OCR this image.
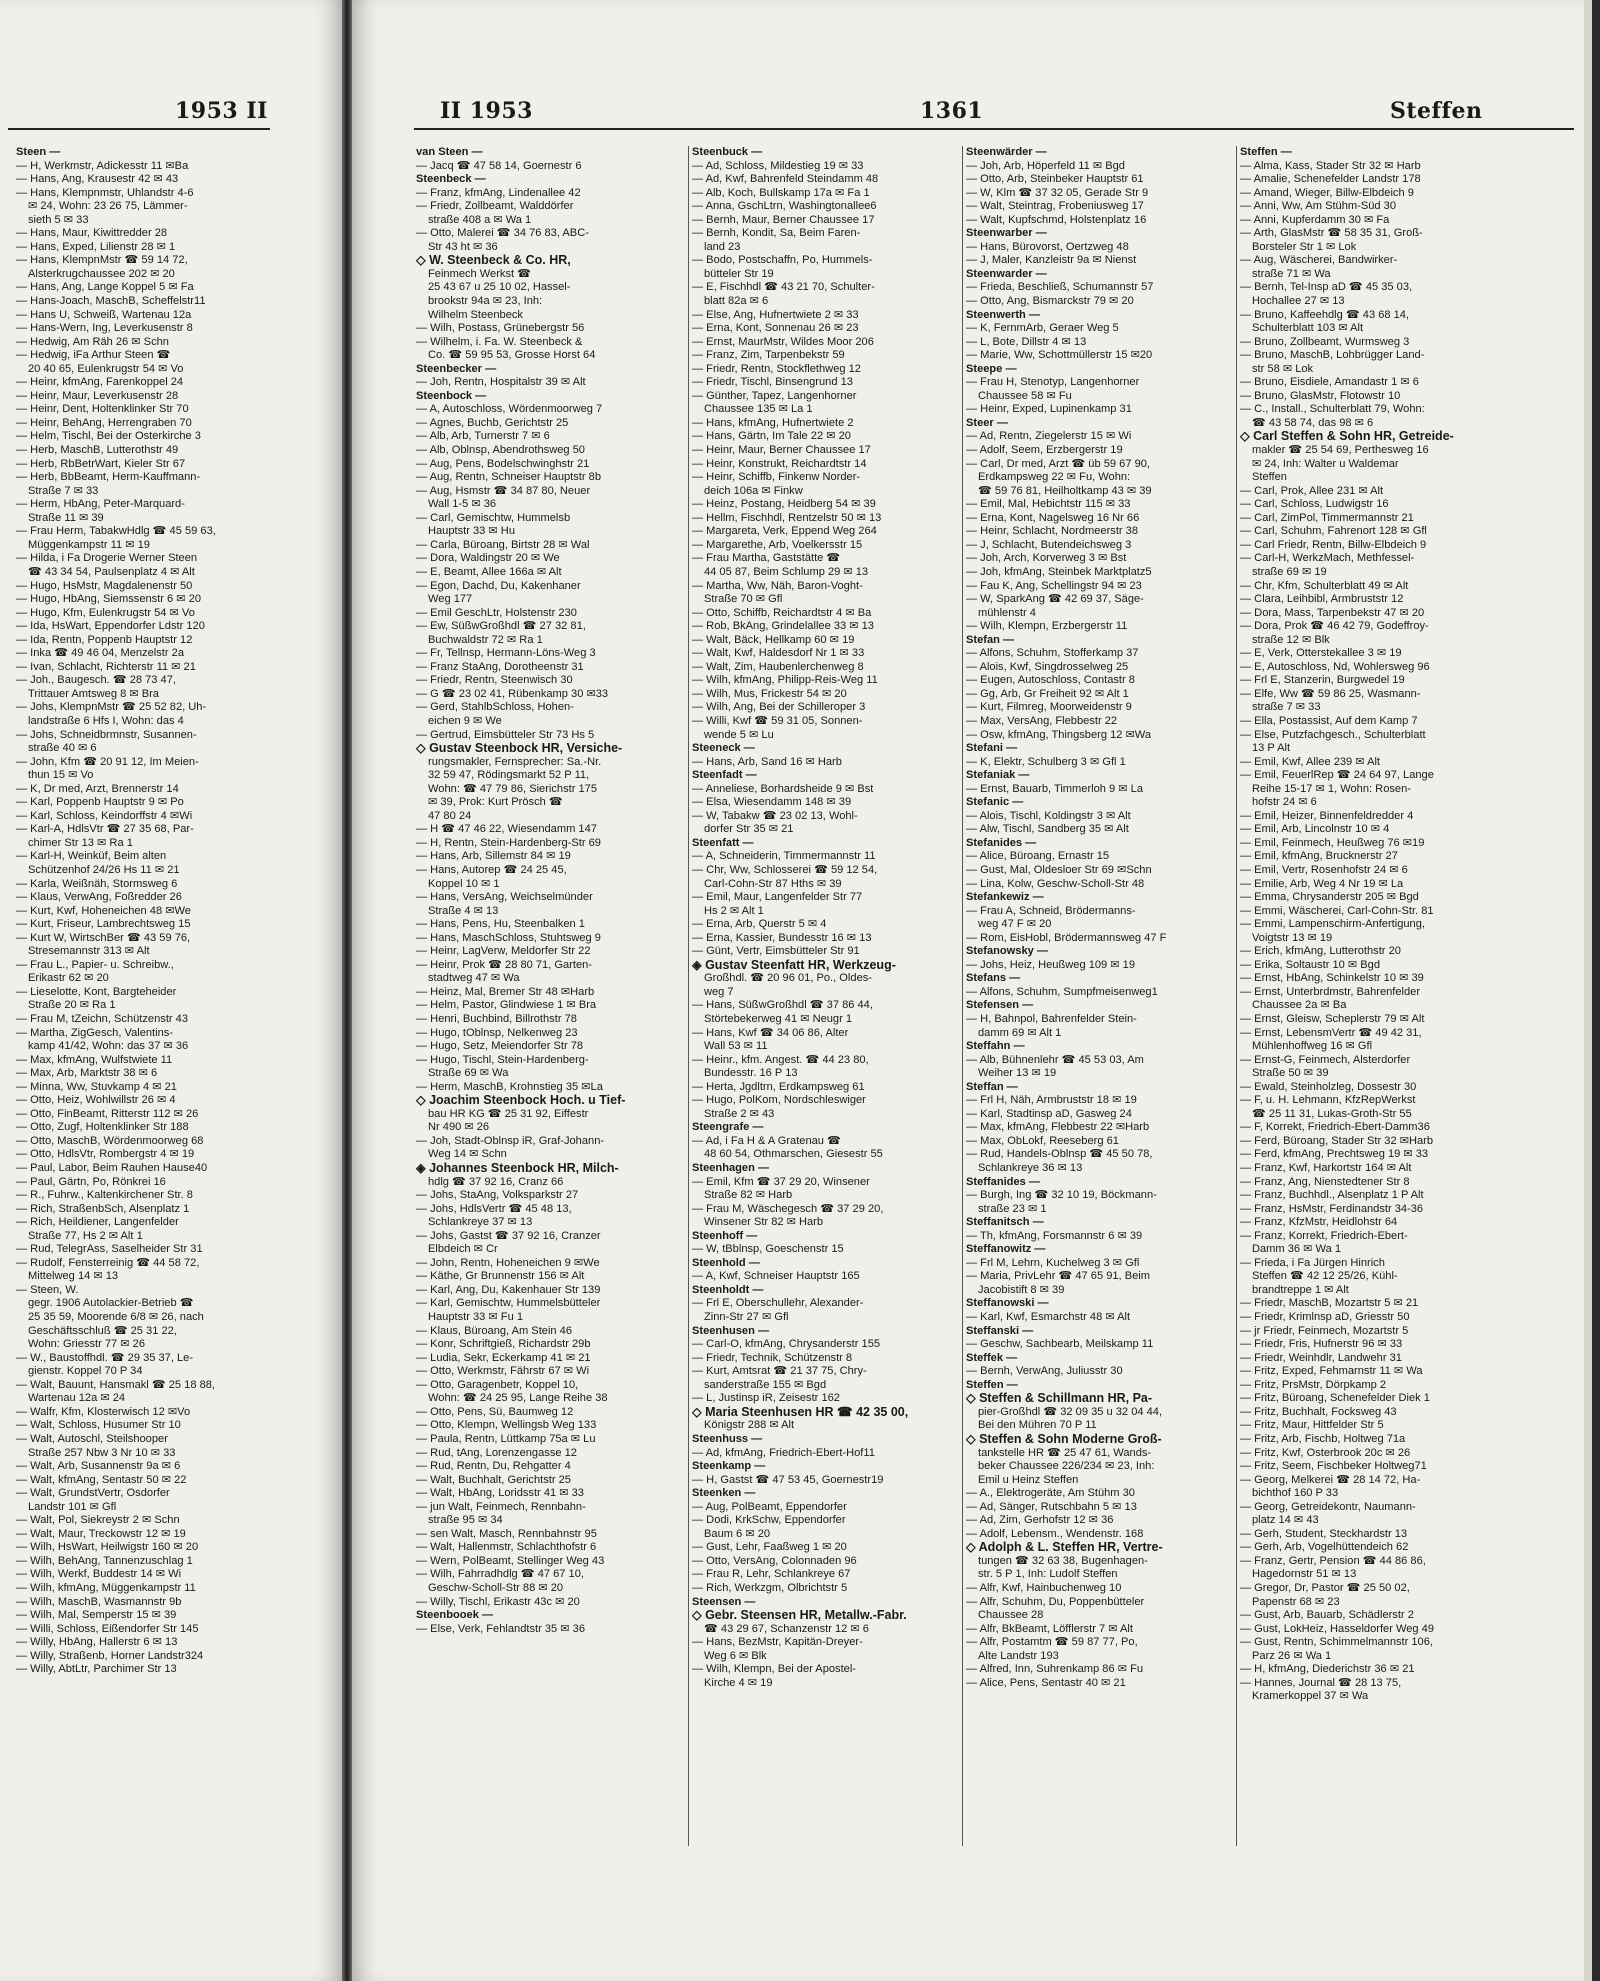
1953 II
Steen —
— H, Werkmstr, Adickesstr 11 ✉Ba
— Hans, Ang, Krausestr 42 ✉ 43
— Hans, Klempnmstr, Uhlandstr 4-6
✉ 24, Wohn: 23 26 75, Lämmer-
sieth 5 ✉ 33
— Hans, Maur, Kiwittredder 28
— Hans, Exped, Lilienstr 28 ✉ 1
— Hans, KlempnMstr ☎ 59 14 72,
Alsterkrugchaussee 202 ✉ 20
— Hans, Ang, Lange Koppel 5 ✉ Fa
— Hans-Joach, MaschB, Scheffelstr11
— Hans U, Schweiß, Wartenau 12a
— Hans-Wern, Ing, Leverkusenstr 8
— Hedwig, Am Räh 26 ✉ Schn
— Hedwig, iFa Arthur Steen ☎
20 40 65, Eulenkrugstr 54 ✉ Vo
— Heinr, kfmAng, Farenkoppel 24
— Heinr, Maur, Leverkusenstr 28
— Heinr, Dent, Holtenklinker Str 70
— Heinr, BehAng, Herrengraben 70
— Helm, Tischl, Bei der Osterkirche 3
— Herb, MaschB, Lutterothstr 49
— Herb, RbBetrWart, Kieler Str 67
— Herb, BbBeamt, Herm-Kauffmann-
Straße 7 ✉ 33
— Herm, HbAng, Peter-Marquard-
Straße 11 ✉ 39
— Frau Herm, TabakwHdlg ☎ 45 59 63,
Müggenkampstr 11 ✉ 19
— Hilda, i Fa Drogerie Werner Steen
☎ 43 34 54, Paulsenplatz 4 ✉ Alt
— Hugo, HsMstr, Magdalenenstr 50
— Hugo, HbAng, Siemssenstr 6 ✉ 20
— Hugo, Kfm, Eulenkrugstr 54 ✉ Vo
— Ida, HsWart, Eppendorfer Ldstr 120
— Ida, Rentn, Poppenb Hauptstr 12
— Inka ☎ 49 46 04, Menzelstr 2a
— Ivan, Schlacht, Richterstr 11 ✉ 21
— Joh., Baugesch. ☎ 28 73 47,
Trittauer Amtsweg 8 ✉ Bra
— Johs, KlempnMstr ☎ 25 52 82, Uh-
landstraße 6 Hfs I, Wohn: das 4
— Johs, Schneidbrmnstr, Susannen-
straße 40 ✉ 6
— John, Kfm ☎ 20 91 12, Im Meien-
thun 15 ✉ Vo
— K, Dr med, Arzt, Brennerstr 14
— Karl, Poppenb Hauptstr 9 ✉ Po
— Karl, Schloss, Keindorffstr 4 ✉Wi
— Karl-A, HdlsVtr ☎ 27 35 68, Par-
chimer Str 13 ✉ Ra 1
— Karl-H, Weinküf, Beim alten
Schützenhof 24/26 Hs 11 ✉ 21
— Karla, Weißnäh, Stormsweg 6
— Klaus, VerwAng, Foßredder 26
— Kurt, Kwf, Hoheneichen 48 ✉We
— Kurt, Friseur, Lambrechtsweg 15
— Kurt W, WirtschBer ☎ 43 59 76,
Stresemannstr 313 ✉ Alt
— Frau L., Papier- u. Schreibw.,
Erikastr 62 ✉ 20
— Lieselotte, Kont, Bargteheider
Straße 20 ✉ Ra 1
— Frau M, tZeichn, Schützenstr 43
— Martha, ZigGesch, Valentins-
kamp 41/42, Wohn: das 37 ✉ 36
— Max, kfmAng, Wulfstwiete 11
— Max, Arb, Marktstr 38 ✉ 6
— Minna, Ww, Stuvkamp 4 ✉ 21
— Otto, Heiz, Wohlwillstr 26 ✉ 4
— Otto, FinBeamt, Ritterstr 112 ✉ 26
— Otto, Zugf, Holtenklinker Str 188
— Otto, MaschB, Wördenmoorweg 68
— Otto, HdlsVtr, Rombergstr 4 ✉ 19
— Paul, Labor, Beim Rauhen Hause40
— Paul, Gärtn, Po, Rönkrei 16
— R., Fuhrw., Kaltenkirchener Str. 8
— Rich, StraßenbSch, Alsenplatz 1
— Rich, Heildiener, Langenfelder
Straße 77, Hs 2 ✉ Alt 1
— Rud, TelegrAss, Saselheider Str 31
— Rudolf, Fensterreinig ☎ 44 58 72,
Mittelweg 14 ✉ 13
— Steen, W.
gegr. 1906 Autolackier-Betrieb ☎
25 35 59, Moorende 6/8 ✉ 26, nach
Geschäftsschluß ☎ 25 31 22,
Wohn: Griesstr 77 ✉ 26
— W., Baustoffhdl. ☎ 29 35 37, Le-
gienstr. Koppel 70 P 34
— Walt, Bauunt, Hansmakl ☎ 25 18 88,
Wartenau 12a ✉ 24
— Walfr, Kfm, Klosterwisch 12 ✉Vo
— Walt, Schloss, Husumer Str 10
— Walt, Autoschl, Steilshooper
Straße 257 Nbw 3 Nr 10 ✉ 33
— Walt, Arb, Susannenstr 9a ✉ 6
— Walt, kfmAng, Sentastr 50 ✉ 22
— Walt, GrundstVertr, Osdorfer
Landstr 101 ✉ Gfl
— Walt, Pol, Siekreystr 2 ✉ Schn
— Walt, Maur, Treckowstr 12 ✉ 19
— Wilh, HsWart, Heilwigstr 160 ✉ 20
— Wilh, BehAng, Tannenzuschlag 1
— Wilh, Werkf, Buddestr 14 ✉ Wi
— Wilh, kfmAng, Müggenkampstr 11
— Wilh, MaschB, Wasmannstr 9b
— Wilh, Mal, Semperstr 15 ✉ 39
— Willi, Schloss, Eißendorfer Str 145
— Willy, HbAng, Hallerstr 6 ✉ 13
— Willy, Straßenb, Horner Landstr324
— Willy, AbtLtr, Parchimer Str 13
II 1953	1361	Steffen
van Steen —
— Jacq ☎ 47 58 14, Goernestr 6
Steenbeck —
— Franz, kfmAng, Lindenallee 42
— Friedr, Zollbeamt, Walddörfer
straße 408 a ✉ Wa 1
— Otto, Malerei ☎ 34 76 83, ABC-
Str 43 ht ✉ 36
◇ W. Steenbeck & Co. HR,
Feinmech Werkst ☎
25 43 67 u 25 10 02, Hassel-
brookstr 94a ✉ 23, Inh:
Wilhelm Steenbeck
— Wilh, Postass, Grünebergstr 56
— Wilhelm, i. Fa. W. Steenbeck &
Co. ☎ 59 95 53, Grosse Horst 64
Steenbecker —
— Joh, Rentn, Hospitalstr 39 ✉ Alt
Steenbock —
— A, Autoschloss, Wördenmoorweg 7
— Agnes, Buchb, Gerichtstr 25
— Alb, Arb, Turnerstr 7 ✉ 6
— Alb, Oblnsp, Abendrothsweg 50
— Aug, Pens, Bodelschwinghstr 21
— Aug, Rentn, Schneiser Hauptstr 8b
— Aug, Hsmstr ☎ 34 87 80, Neuer
Wall 1-5 ✉ 36
— Carl, Gemischtw, Hummelsb
Hauptstr 33 ✉ Hu
— Carla, Büroang, Birtstr 28 ✉ Wal
— Dora, Waldingstr 20 ✉ We
— E, Beamt, Allee 166a ✉ Alt
— Egon, Dachd, Du, Kakenhaner
Weg 177
— Emil GeschLtr, Holstenstr 230
— Ew, SüßwGroßhdl ☎ 27 32 81,
Buchwaldstr 72 ✉ Ra 1
— Fr, Tellnsp, Hermann-Löns-Weg 3
— Franz StaAng, Dorotheenstr 31
— Friedr, Rentn, Steenwisch 30
— G ☎ 23 02 41, Rübenkamp 30 ✉33
— Gerd, StahlbSchloss, Hohen-
eichen 9 ✉ We
— Gertrud, Eimsbütteler Str 73 Hs 5
◇ Gustav Steenbock HR, Versiche-
rungsmakler, Fernsprecher: Sa.-Nr.
32 59 47, Rödingsmarkt 52 P 11,
Wohn: ☎ 47 79 86, Sierichstr 175
✉ 39, Prok: Kurt Prösch ☎
47 80 24
— H ☎ 47 46 22, Wiesendamm 147
— H, Rentn, Stein-Hardenberg-Str 69
— Hans, Arb, Sillemstr 84 ✉ 19
— Hans, Autorep ☎ 24 25 45,
Koppel 10 ✉ 1
— Hans, VersAng, Weichselmünder
Straße 4 ✉ 13
— Hans, Pens, Hu, Steenbalken 1
— Hans, MaschSchloss, Stuhtsweg 9
— Heinr, LagVerw, Meldorfer Str 22
— Heinr, Prok ☎ 28 80 71, Garten-
stadtweg 47 ✉ Wa
— Heinz, Mal, Bremer Str 48 ✉Harb
— Helm, Pastor, Glindwiese 1 ✉ Bra
— Henri, Buchbind, Billrothstr 78
— Hugo, tOblnsp, Nelkenweg 23
— Hugo, Setz, Meiendorfer Str 78
— Hugo, Tischl, Stein-Hardenberg-
Straße 69 ✉ Wa
— Herm, MaschB, Krohnstieg 35 ✉La
◇ Joachim Steenbock Hoch. u Tief-
bau HR KG ☎ 25 31 92, Eiffestr
Nr 490 ✉ 26
— Joh, Stadt-Oblnsp iR, Graf-Johann-
Weg 14 ✉ Schn
◈ Johannes Steenbock HR, Milch-
hdlg ☎ 37 92 16, Cranz 66
— Johs, StaAng, Volksparkstr 27
— Johs, HdlsVertr ☎ 45 48 13,
Schlankreye 37 ✉ 13
— Johs, Gastst ☎ 37 92 16, Cranzer
Elbdeich ✉ Cr
— John, Rentn, Hoheneichen 9 ✉We
— Käthe, Gr Brunnenstr 156 ✉ Alt
— Karl, Ang, Du, Kakenhauer Str 139
— Karl, Gemischtw, Hummelsbütteler
Hauptstr 33 ✉ Fu 1
— Klaus, Büroang, Am Stein 46
— Konr, Schriftgieß, Richardstr 29b
— Ludia, Sekr, Eckerkamp 41 ✉ 21
— Otto, Werkmstr, Fährstr 67 ✉ Wi
— Otto, Garagenbetr, Koppel 10,
Wohn: ☎ 24 25 95, Lange Reihe 38
— Otto, Pens, Sü, Baumweg 12
— Otto, Klempn, Wellingsb Weg 133
— Paula, Rentn, Lüttkamp 75a ✉ Lu
— Rud, tAng, Lorenzengasse 12
— Rud, Rentn, Du, Rehgatter 4
— Walt, Buchhalt, Gerichtstr 25
— Walt, HbAng, Loridsstr 41 ✉ 33
— jun Walt, Feinmech, Rennbahn-
straße 95 ✉ 34
— sen Walt, Masch, Rennbahnstr 95
— Walt, Hallenmstr, Schlachthofstr 6
— Wern, PolBeamt, Stellinger Weg 43
— Wilh, Fahrradhdlg ☎ 47 67 10,
Geschw-Scholl-Str 88 ✉ 20
— Willy, Tischl, Erikastr 43c ✉ 20
Steenbooek —
— Else, Verk, Fehlandtstr 35 ✉ 36
Steenbuck —
— Ad, Schloss, Mildestieg 19 ✉ 33
— Ad, Kwf, Bahrenfeld Steindamm 48
— Alb, Koch, Bullskamp 17a ✉ Fa 1
— Anna, GschLtrn, Washingtonallee6
— Bernh, Maur, Berner Chaussee 17
— Bernh, Kondit, Sa, Beim Faren-
land 23
— Bodo, Postschaffn, Po, Hummels-
bütteler Str 19
— E, Fischhdl ☎ 43 21 70, Schulter-
blatt 82a ✉ 6
— Else, Ang, Hufnertwiete 2 ✉ 33
— Erna, Kont, Sonnenau 26 ✉ 23
— Ernst, MaurMstr, Wildes Moor 206
— Franz, Zim, Tarpenbekstr 59
— Friedr, Rentn, Stockflethweg 12
— Friedr, Tischl, Binsengrund 13
— Günther, Tapez, Langenhorner
Chaussee 135 ✉ La 1
— Hans, kfmAng, Hufnertwiete 2
— Hans, Gärtn, Im Tale 22 ✉ 20
— Heinr, Maur, Berner Chaussee 17
— Heinr, Konstrukt, Reichardtstr 14
— Heinr, Schiffb, Finkenw Norder-
deich 106a ✉ Finkw
— Heinz, Postang, Heidberg 54 ✉ 39
— Hellm, Fischhdl, Rentzelstr 50 ✉ 13
— Margareta, Verk, Eppend Weg 264
— Margarethe, Arb, Voelkersstr 15
— Frau Martha, Gaststätte ☎
44 05 87, Beim Schlump 29 ✉ 13
— Martha, Ww, Näh, Baron-Voght-
Straße 70 ✉ Gfl
— Otto, Schiffb, Reichardtstr 4 ✉ Ba
— Rob, BkAng, Grindelallee 33 ✉ 13
— Walt, Bäck, Hellkamp 60 ✉ 19
— Walt, Kwf, Haldesdorf Nr 1 ✉ 33
— Walt, Zim, Haubenlerchenweg 8
— Wilh, kfmAng, Philipp-Reis-Weg 11
— Wilh, Mus, Frickestr 54 ✉ 20
— Wilh, Ang, Bei der Schilleroper 3
— Willi, Kwf ☎ 59 31 05, Sonnen-
wende 5 ✉ Lu
Steeneck —
— Hans, Arb, Sand 16 ✉ Harb
Steenfadt —
— Anneliese, Borhardsheide 9 ✉ Bst
— Elsa, Wiesendamm 148 ✉ 39
— W, Tabakw ☎ 23 02 13, Wohl-
dorfer Str 35 ✉ 21
Steenfatt —
— A, Schneiderin, Timmermannstr 11
— Chr, Ww, Schlosserei ☎ 59 12 54,
Carl-Cohn-Str 87 Hths ✉ 39
— Emil, Maur, Langenfelder Str 77
Hs 2 ✉ Alt 1
— Erna, Arb, Querstr 5 ✉ 4
— Erna, Kassier, Bundesstr 16 ✉ 13
— Günt, Vertr, Eimsbütteler Str 91
◈ Gustav Steenfatt HR, Werkzeug-
Großhdl. ☎ 20 96 01, Po., Oldes-
weg 7
— Hans, SüßwGroßhdl ☎ 37 86 44,
Störtebekerweg 41 ✉ Neugr 1
— Hans, Kwf ☎ 34 06 86, Alter
Wall 53 ✉ 11
— Heinr., kfm. Angest. ☎ 44 23 80,
Bundesstr. 16 P 13
— Herta, Jgdltrn, Erdkampsweg 61
— Hugo, PolKom, Nordschleswiger
Straße 2 ✉ 43
Steengrafe —
— Ad, i Fa H & A Gratenau ☎
48 60 54, Othmarschen, Giesestr 55
Steenhagen —
— Emil, Kfm ☎ 37 29 20, Winsener
Straße 82 ✉ Harb
— Frau M, Wäschegesch ☎ 37 29 20,
Winsener Str 82 ✉ Harb
Steenhoff —
— W, tBblnsp, Goeschenstr 15
Steenhold —
— A, Kwf, Schneiser Hauptstr 165
Steenholdt —
— Frl E, Oberschullehr, Alexander-
Zinn-Str 27 ✉ Gfl
Steenhusen —
— Carl-O, kfmAng, Chrysanderstr 155
— Friedr, Technik, Schützenstr 8
— Kurt, Amtsrat ☎ 21 37 75, Chry-
sanderstraße 155 ✉ Bgd
— L, Justinsp iR, Zeisestr 162
◇ Maria Steenhusen HR ☎ 42 35 00,
Königstr 288 ✉ Alt
Steenhuss —
— Ad, kfmAng, Friedrich-Ebert-Hof11
Steenkamp —
— H, Gastst ☎ 47 53 45, Goernestr19
Steenken —
— Aug, PolBeamt, Eppendorfer
— Dodi, KrkSchw, Eppendorfer
Baum 6 ✉ 20
— Gust, Lehr, Faaßweg 1 ✉ 20
— Otto, VersAng, Colonnaden 96
— Frau R, Lehr, Schlankreye 67
— Rich, Werkzgm, Olbrichtstr 5
Steensen —
◇ Gebr. Steensen HR, Metallw.-Fabr.
☎ 43 29 67, Schanzenstr 12 ✉ 6
— Hans, BezMstr, Kapitän-Dreyer-
Weg 6 ✉ Blk
— Wilh, Klempn, Bei der Apostel-
Kirche 4 ✉ 19
Steenwärder —
— Joh, Arb, Höperfeld 11 ✉ Bgd
— Otto, Arb, Steinbeker Hauptstr 61
— W, Klm ☎ 37 32 05, Gerade Str 9
— Walt, Steintrag, Frobeniusweg 17
— Walt, Kupfschmd, Holstenplatz 16
Steenwarber —
— Hans, Bürovorst, Oertzweg 48
— J, Maler, Kanzleistr 9a ✉ Nienst
Steenwarder —
— Frieda, Beschließ, Schumannstr 57
— Otto, Ang, Bismarckstr 79 ✉ 20
Steenwerth —
— K, FernmArb, Geraer Weg 5
— L, Bote, Dillstr 4 ✉ 13
— Marie, Ww, Schottmüllerstr 15 ✉20
Steepe —
— Frau H, Stenotyp, Langenhorner
Chaussee 58 ✉ Fu
— Heinr, Exped, Lupinenkamp 31
Steer —
— Ad, Rentn, Ziegelerstr 15 ✉ Wi
— Adolf, Seem, Erzbergerstr 19
— Carl, Dr med, Arzt ☎ üb 59 67 90,
Erdkampsweg 22 ✉ Fu, Wohn:
☎ 59 76 81, Heilholtkamp 43 ✉ 39
— Emil, Mal, Hebichtstr 115 ✉ 33
— Erna, Kont, Nagelsweg 16 Nr 66
— Heinr, Schlacht, Nordmeerstr 38
— J, Schlacht, Butendeichsweg 3
— Joh, Arch, Korverweg 3 ✉ Bst
— Joh, kfmAng, Steinbek Marktplatz5
— Fau K, Ang, Schellingstr 94 ✉ 23
— W, SparkAng ☎ 42 69 37, Säge-
mühlenstr 4
— Wilh, Klempn, Erzbergerstr 11
Stefan —
— Alfons, Schuhm, Stofferkamp 37
— Alois, Kwf, Singdrosselweg 25
— Eugen, Autoschloss, Contastr 8
— Gg, Arb, Gr Freiheit 92 ✉ Alt 1
— Kurt, Filmreg, Moorweidenstr 9
— Max, VersAng, Flebbestr 22
— Osw, kfmAng, Thingsberg 12 ✉Wa
Stefani —
— K, Elektr, Schulberg 3 ✉ Gfl 1
Stefaniak —
— Ernst, Bauarb, Timmerloh 9 ✉ La
Stefanic —
— Alois, Tischl, Koldingstr 3 ✉ Alt
— Alw, Tischl, Sandberg 35 ✉ Alt
Stefanides —
— Alice, Büroang, Ernastr 15
— Gust, Mal, Oldesloer Str 69 ✉Schn
— Lina, Kolw, Geschw-Scholl-Str 48
Stefankewiz —
— Frau A, Schneid, Brödermanns-
weg 47 F ✉ 20
— Rom, EisHobl, Brödermannsweg 47 F
Stefanowsky —
— Johs, Heiz, Heußweg 109 ✉ 19
Stefans —
— Alfons, Schuhm, Sumpfmeisenweg1
Stefensen —
— H, Bahnpol, Bahrenfelder Stein-
damm 69 ✉ Alt 1
Steffahn —
— Alb, Bühnenlehr ☎ 45 53 03, Am
Weiher 13 ✉ 19
Steffan —
— Frl H, Näh, Armbruststr 18 ✉ 19
— Karl, Stadtinsp aD, Gasweg 24
— Max, kfmAng, Flebbestr 22 ✉Harb
— Max, ObLokf, Reeseberg 61
— Rud, Handels-Oblnsp ☎ 45 50 78,
Schlankreye 36 ✉ 13
Steffanides —
— Burgh, Ing ☎ 32 10 19, Böckmann-
straße 23 ✉ 1
Steffanitsch —
— Th, kfmAng, Forsmannstr 6 ✉ 39
Steffanowitz —
— Frl M, Lehrn, Kuchelweg 3 ✉ Gfl
— Maria, PrivLehr ☎ 47 65 91, Beim
Jacobistift 8 ✉ 39
Steffanowski —
— Karl, Kwf, Esmarchstr 48 ✉ Alt
Steffanski —
— Geschw, Sachbearb, Meilskamp 11
Steffek —
— Bernh, VerwAng, Juliusstr 30
Steffen —
◇ Steffen & Schillmann HR, Pa-
pier-Großhdl ☎ 32 09 35 u 32 04 44,
Bei den Mühren 70 P 11
◇ Steffen & Sohn Moderne Groß-
tankstelle HR ☎ 25 47 61, Wands-
beker Chaussee 226/234 ✉ 23, Inh:
Emil u Heinz Steffen
— A., Elektrogeräte, Am Stühm 30
— Ad, Sänger, Rutschbahn 5 ✉ 13
— Ad, Zim, Gerhofstr 12 ✉ 36
— Adolf, Lebensm., Wendenstr. 168
◇ Adolph & L. Steffen HR, Vertre-
tungen ☎ 32 63 38, Bugenhagen-
str. 5 P 1, Inh: Ludolf Steffen
— Alfr, Kwf, Hainbuchenweg 10
— Alfr, Schuhm, Du, Poppenbütteler
Chaussee 28
— Alfr, BkBeamt, Löfflerstr 7 ✉ Alt
— Alfr, Postamtm ☎ 59 87 77, Po,
Alte Landstr 193
— Alfred, Inn, Suhrenkamp 86 ✉ Fu
— Alice, Pens, Sentastr 40 ✉ 21
Steffen —
— Alma, Kass, Stader Str 32 ✉ Harb
— Amalie, Schenefelder Landstr 178
— Amand, Wieger, Billw-Elbdeich 9
— Anni, Ww, Am Stühm-Süd 30
— Anni, Kupferdamm 30 ✉ Fa
— Arth, GlasMstr ☎ 58 35 31, Groß-
Borsteler Str 1 ✉ Lok
— Aug, Wäscherei, Bandwirker-
straße 71 ✉ Wa
— Bernh, Tel-Insp aD ☎ 45 35 03,
Hochallee 27 ✉ 13
— Bruno, Kaffeehdlg ☎ 43 68 14,
Schulterblatt 103 ✉ Alt
— Bruno, Zollbeamt, Wurmsweg 3
— Bruno, MaschB, Lohbrügger Land-
str 58 ✉ Lok
— Bruno, Eisdiele, Amandastr 1 ✉ 6
— Bruno, GlasMstr, Flotowstr 10
— C., Install., Schulterblatt 79, Wohn:
☎ 43 58 74, das 98 ✉ 6
◇ Carl Steffen & Sohn HR, Getreide-
makler ☎ 25 54 69, Perthesweg 16
✉ 24, Inh: Walter u Waldemar
Steffen
— Carl, Prok, Allee 231 ✉ Alt
— Carl, Schloss, Ludwigstr 16
— Carl, ZimPol, Timmermannstr 21
— Carl, Schuhm, Fahrenort 128 ✉ Gfl
— Carl Friedr, Rentn, Billw-Elbdeich 9
— Carl-H, WerkzMach, Methfessel-
straße 69 ✉ 19
— Chr, Kfm, Schulterblatt 49 ✉ Alt
— Clara, Leihbibl, Armbruststr 12
— Dora, Mass, Tarpenbekstr 47 ✉ 20
— Dora, Prok ☎ 46 42 79, Godeffroy-
straße 12 ✉ Blk
— E, Verk, Otterstekallee 3 ✉ 19
— E, Autoschloss, Nd, Wohlersweg 96
— Frl E, Stanzerin, Burgwedel 19
— Elfe, Ww ☎ 59 86 25, Wasmann-
straße 7 ✉ 33
— Ella, Postassist, Auf dem Kamp 7
— Else, Putzfachgesch., Schulterblatt
13 P Alt
— Emil, Kwf, Allee 239 ✉ Alt
— Emil, FeuerlRep ☎ 24 64 97, Lange
Reihe 15-17 ✉ 1, Wohn: Rosen-
hofstr 24 ✉ 6
— Emil, Heizer, Binnenfeldredder 4
— Emil, Arb, Lincolnstr 10 ✉ 4
— Emil, Feinmech, Heußweg 76 ✉19
— Emil, kfmAng, Brucknerstr 27
— Emil, Vertr, Rosenhofstr 24 ✉ 6
— Emilie, Arb, Weg 4 Nr 19 ✉ La
— Emma, Chrysanderstr 205 ✉ Bgd
— Emmi, Wäscherei, Carl-Cohn-Str. 81
— Emmi, Lampenschirm-Anfertigung,
Voigtstr 13 ✉ 19
— Erich, kfmAng, Lutterothstr 20
— Erika, Soltaustr 10 ✉ Bgd
— Ernst, HbAng, Schinkelstr 10 ✉ 39
— Ernst, Unterbrdmstr, Bahrenfelder
Chaussee 2a ✉ Ba
— Ernst, Gleisw, Scheplerstr 79 ✉ Alt
— Ernst, LebensmVertr ☎ 49 42 31,
Mühlenhoffweg 16 ✉ Gfl
— Ernst-G, Feinmech, Alsterdorfer
Straße 50 ✉ 39
— Ewald, Steinholzleg, Dossestr 30
— F, u. H. Lehmann, KfzRepWerkst
☎ 25 11 31, Lukas-Groth-Str 55
— F, Korrekt, Friedrich-Ebert-Damm36
— Ferd, Büroang, Stader Str 32 ✉Harb
— Ferd, kfmAng, Prechtsweg 19 ✉ 33
— Franz, Kwf, Harkortstr 164 ✉ Alt
— Franz, Ang, Nienstedtener Str 8
— Franz, Buchhdl., Alsenplatz 1 P Alt
— Franz, HsMstr, Ferdinandstr 34-36
— Franz, KfzMstr, Heidlohstr 64
— Franz, Korrekt, Friedrich-Ebert-
Damm 36 ✉ Wa 1
— Frieda, i Fa Jürgen Hinrich
Steffen ☎ 42 12 25/26, Kühl-
brandtreppe 1 ✉ Alt
— Friedr, MaschB, Mozartstr 5 ✉ 21
— Friedr, Krimlnsp aD, Griesstr 50
— jr Friedr, Feinmech, Mozartstr 5
— Friedr, Fris, Hufnerstr 96 ✉ 33
— Friedr, Weinhdlr, Landwehr 31
— Fritz, Exped, Fehmarnstr 11 ✉ Wa
— Fritz, PrsMstr, Dörpkamp 2
— Fritz, Büroang, Schenefelder Diek 1
— Fritz, Buchhalt, Focksweg 43
— Fritz, Maur, Hittfelder Str 5
— Fritz, Arb, Fischb, Holtweg 71a
— Fritz, Kwf, Osterbrook 20c ✉ 26
— Fritz, Seem, Fischbeker Holtweg71
— Georg, Melkerei ☎ 28 14 72, Ha-
bichthof 160 P 33
— Georg, Getreidekontr, Naumann-
platz 14 ✉ 43
— Gerh, Student, Steckhardstr 13
— Gerh, Arb, Vogelhüttendeich 62
— Franz, Gertr, Pension ☎ 44 86 86,
Hagedornstr 51 ✉ 13
— Gregor, Dr, Pastor ☎ 25 50 02,
Papenstr 68 ✉ 23
— Gust, Arb, Bauarb, Schädlerstr 2
— Gust, LokHeiz, Hasseldorfer Weg 49
— Gust, Rentn, Schimmelmannstr 106,
Parz 26 ✉ Wa 1
— H, kfmAng, Diederichstr 36 ✉ 21
— Hannes, Journal ☎ 28 13 75,
Kramerkoppel 37 ✉ Wa
